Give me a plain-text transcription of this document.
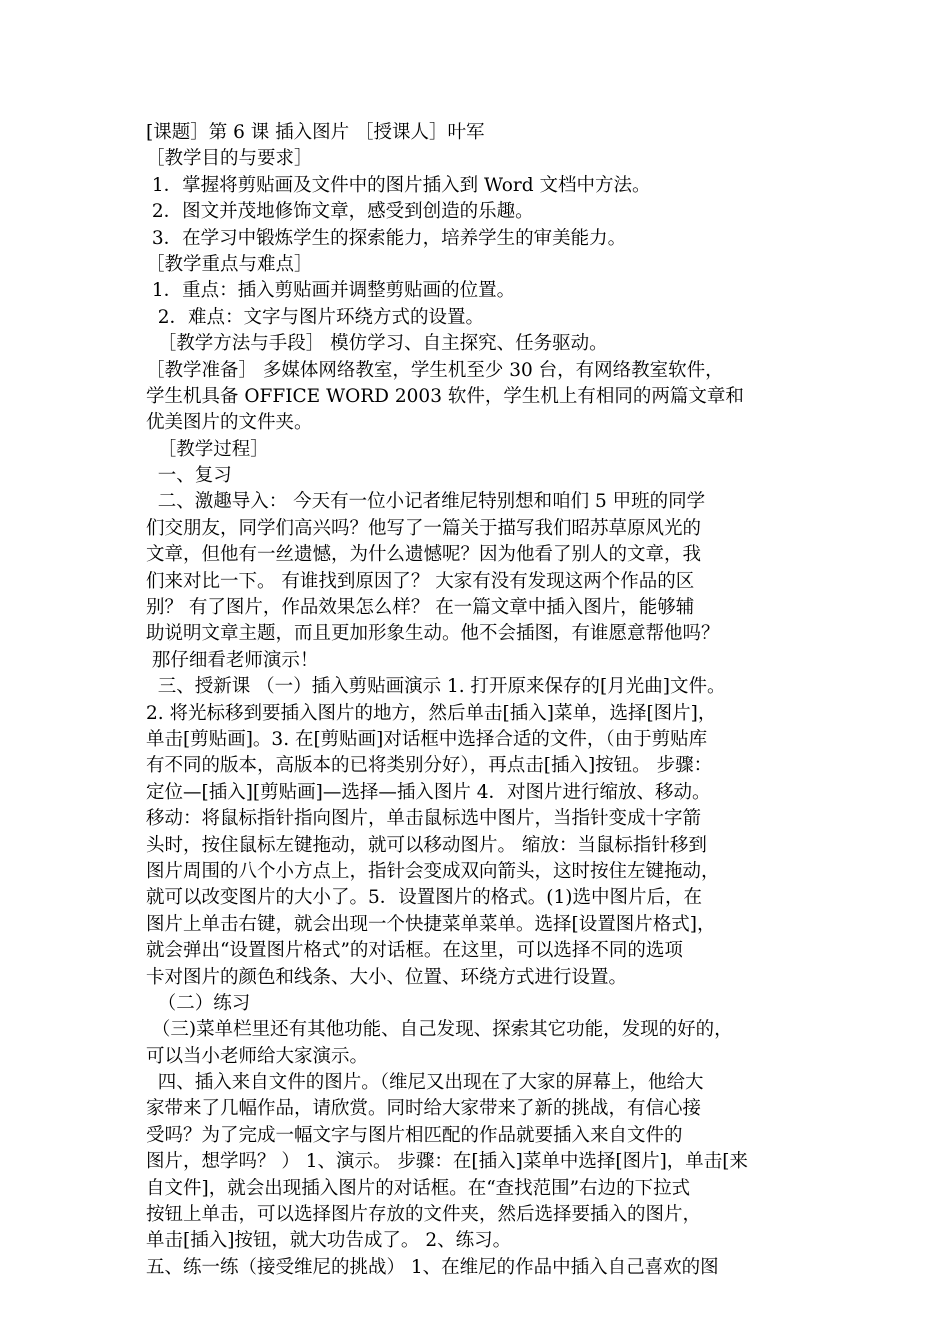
[课题］第 6 课 插入图片 ［授课人］叶军
［教学目的与要求］
1．掌握将剪贴画及文件中的图片插入到 Word 文档中方法。
2．图文并茂地修饰文章，感受到创造的乐趣。
3．在学习中锻炼学生的探索能力，培养学生的审美能力。
［教学重点与难点］
1．重点：插入剪贴画并调整剪贴画的位置。
2．难点：文字与图片环绕方式的设置。
［教学方法与手段］ 模仿学习、自主探究、任务驱动。
［教学准备］ 多媒体网络教室，学生机至少 30 台，有网络教室软件，
学生机具备 OFFICE WORD 2003 软件，学生机上有相同的两篇文章和
优美图片的文件夹。
［教学过程］
一、复习
二、激趣导入： 今天有一位小记者维尼特别想和咱们 5 甲班的同学
们交朋友，同学们高兴吗？他写了一篇关于描写我们昭苏草原风光的
文章，但他有一丝遗憾，为什么遗憾呢？因为他看了别人的文章，我
们来对比一下。 有谁找到原因了？ 大家有没有发现这两个作品的区
别？ 有了图片，作品效果怎么样？ 在一篇文章中插入图片，能够辅
助说明文章主题，而且更加形象生动。他不会插图，有谁愿意帮他吗？
那仔细看老师演示！
三、授新课 （一）插入剪贴画演示 1. 打开原来保存的[月光曲]文件。
2. 将光标移到要插入图片的地方，然后单击[插入]菜单，选择[图片]，
单击[剪贴画]。3. 在[剪贴画]对话框中选择合适的文件，（由于剪贴库
有不同的版本，高版本的已将类别分好），再点击[插入]按钮。 步骤：
定位—[插入][剪贴画]—选择—插入图片 4．对图片进行缩放、移动。
移动：将鼠标指针指向图片，单击鼠标选中图片，当指针变成十字箭
头时，按住鼠标左键拖动，就可以移动图片。 缩放：当鼠标指针移到
图片周围的八个小方点上，指针会变成双向箭头，这时按住左键拖动，
就可以改变图片的大小了。5．设置图片的格式。(1)选中图片后，在
图片上单击右键，就会出现一个快捷菜单菜单。选择[设置图片格式]，
就会弹出“设置图片格式”的对话框。在这里，可以选择不同的选项
卡对图片的颜色和线条、大小、位置、环绕方式进行设置。
（二）练习
（三)菜单栏里还有其他功能、自己发现、探索其它功能，发现的好的，
可以当小老师给大家演示。
四、插入来自文件的图片。（维尼又出现在了大家的屏幕上，他给大
家带来了几幅作品，请欣赏。同时给大家带来了新的挑战，有信心接
受吗？为了完成一幅文字与图片相匹配的作品就要插入来自文件的
图片，想学吗？ ） 1、演示。 步骤：在[插入]菜单中选择[图片]，单击[来
自文件]，就会出现插入图片的对话框。在“查找范围”右边的下拉式
按钮上单击，可以选择图片存放的文件夹，然后选择要插入的图片，
单击[插入]按钮，就大功告成了。 2、练习。
五、练一练（接受维尼的挑战） 1、在维尼的作品中插入自己喜欢的图
